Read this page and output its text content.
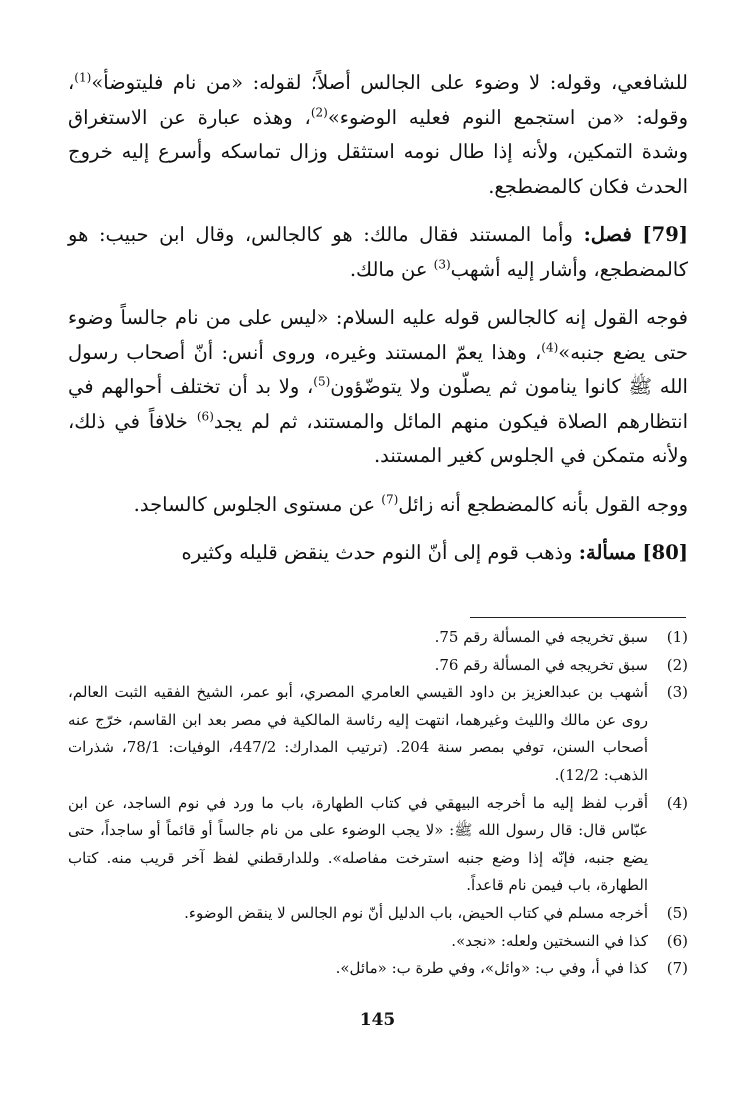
للشافعي، وقوله: لا وضوء على الجالس أصلاً؛ لقوله: «من نام فليتوضأ»$^{(1)}$، وقوله: «من استجمع النوم فعليه الوضوء»$^{(2)}$، وهذه عبارة عن الاستغراق وشدة التمكين، ولأنه إذا طال نومه استثقل وزال تماسكه وأسرع إليه خروج الحدث فكان كالمضطجع.

[79] فصل: وأما المستند فقال مالك: هو كالجالس، وقال ابن حبيب: هو كالمضطجع، وأشار إليه أشهب$^{(3)}$ عن مالك.

فوجه القول إنه كالجالس قوله عليه السلام: «ليس على من نام جالساً وضوء حتى يضع جنبه»$^{(4)}$، وهذا يعمّ المستند وغيره، وروى أنس: أنّ أصحاب رسول الله ﷺ كانوا ينامون ثم يصلّون ولا يتوضّؤون$^{(5)}$، ولا بد أن تختلف أحوالهم في انتظارهم الصلاة فيكون منهم المائل والمستند، ثم لم يجد$^{(6)}$ خلافاً في ذلك، ولأنه متمكن في الجلوس كغير المستند.

ووجه القول بأنه كالمضطجع أنه زائل$^{(7)}$ عن مستوى الجلوس كالساجد.

[80] مسألة: وذهب قوم إلى أنّ النوم حدث ينقض قليله وكثيره

(1)
سبق تخريجه في المسألة رقم 75.
(2)
سبق تخريجه في المسألة رقم 76.
(3)
أشهب بن عبدالعزيز بن داود القيسي العامري المصري، أبو عمر، الشيخ الفقيه الثبت العالم، روى عن مالك والليث وغيرهما، انتهت إليه رئاسة المالكية في مصر بعد ابن القاسم، خرّج عنه أصحاب السنن، توفي بمصر سنة 204. (ترتيب المدارك: 447/2، الوفيات: 78/1، شذرات الذهب: 12/2).
(4)
أقرب لفظ إليه ما أخرجه البيهقي في كتاب الطهارة، باب ما ورد في نوم الساجد، عن ابن عبّاس قال: قال رسول الله ﷺ: «لا يجب الوضوء على من نام جالساً أو قائماً أو ساجداً، حتى يضع جنبه، فإنّه إذا وضع جنبه استرخت مفاصله». وللدارقطني لفظ آخر قريب منه. كتاب الطهارة، باب فيمن نام قاعداً.
(5)
أخرجه مسلم في كتاب الحيض، باب الدليل أنّ نوم الجالس لا ينقض الوضوء.
(6)
كذا في النسختين ولعله: «نجد».
(7)
كذا في أ، وفي ب: «وائل»، وفي طرة ب: «مائل».
145
